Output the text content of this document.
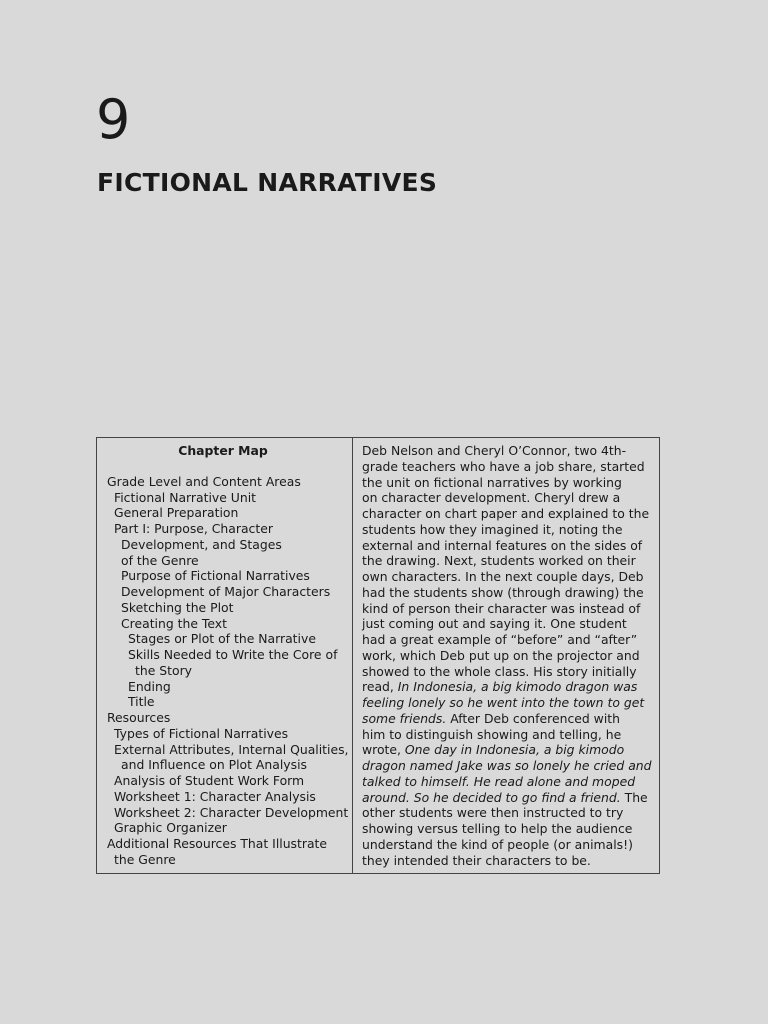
9
FICTIONAL NARRATIVES
Chapter Map
Grade Level and Content Areas
Fictional Narrative Unit
General Preparation
Part I: Purpose, Character
Development, and Stages
of the Genre
Purpose of Fictional Narratives
Development of Major Characters
Sketching the Plot
Creating the Text
Stages or Plot of the Narrative
Skills Needed to Write the Core of
the Story
Ending
Title
Resources
Types of Fictional Narratives
External Attributes, Internal Qualities,
and Influence on Plot Analysis
Analysis of Student Work Form
Worksheet 1: Character Analysis
Worksheet 2: Character Development
Graphic Organizer
Additional Resources That Illustrate
the Genre
Deb Nelson and Cheryl O’Connor, two 4th-
grade teachers who have a job share, started
the unit on fictional narratives by working
on character development. Cheryl drew a
character on chart paper and explained to the
students how they imagined it, noting the
external and internal features on the sides of
the drawing. Next, students worked on their
own characters. In the next couple days, Deb
had the students show (through drawing) the
kind of person their character was instead of
just coming out and saying it. One student
had a great example of “before” and “after”
work, which Deb put up on the projector and
showed to the whole class. His story initially
read, In Indonesia, a big kimodo dragon was
feeling lonely so he went into the town to get
some friends. After Deb conferenced with
him to distinguish showing and telling, he
wrote, One day in Indonesia, a big kimodo
dragon named Jake was so lonely he cried and
talked to himself. He read alone and moped
around. So he decided to go find a friend. The
other students were then instructed to try
showing versus telling to help the audience
understand the kind of people (or animals!)
they intended their characters to be.
